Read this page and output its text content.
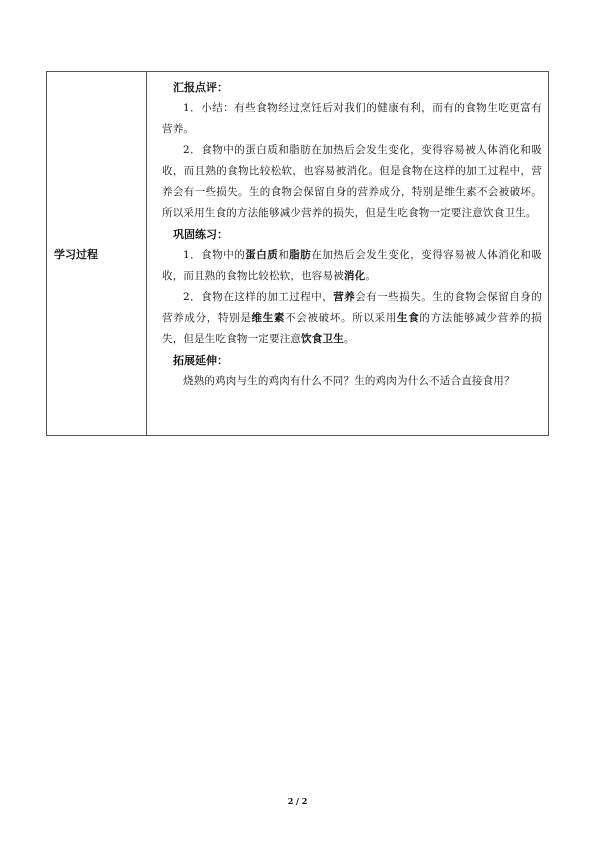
学习过程	

汇报点评：

1．小结：有些食物经过烹饪后对我们的健康有利，而有的食物生吃更富有营养。

2．食物中的蛋白质和脂肪在加热后会发生变化，变得容易被人体消化和吸收，而且熟的食物比较松软，也容易被消化。但是食物在这样的加工过程中，营养会有一些损失。生的食物会保留自身的营养成分，特别是维生素不会被破坏。所以采用生食的方法能够减少营养的损失，但是生吃食物一定要注意饮食卫生。

巩固练习：

1．食物中的蛋白质和脂肪在加热后会发生变化，变得容易被人体消化和吸收，而且熟的食物比较松软，也容易被消化。

2．食物在这样的加工过程中，营养会有一些损失。生的食物会保留自身的营养成分，特别是维生素不会被破坏。所以采用生食的方法能够减少营养的损失，但是生吃食物一定要注意饮食卫生。

拓展延伸：

烧熟的鸡肉与生的鸡肉有什么不同？生的鸡肉为什么不适合直接食用？

2 / 2
